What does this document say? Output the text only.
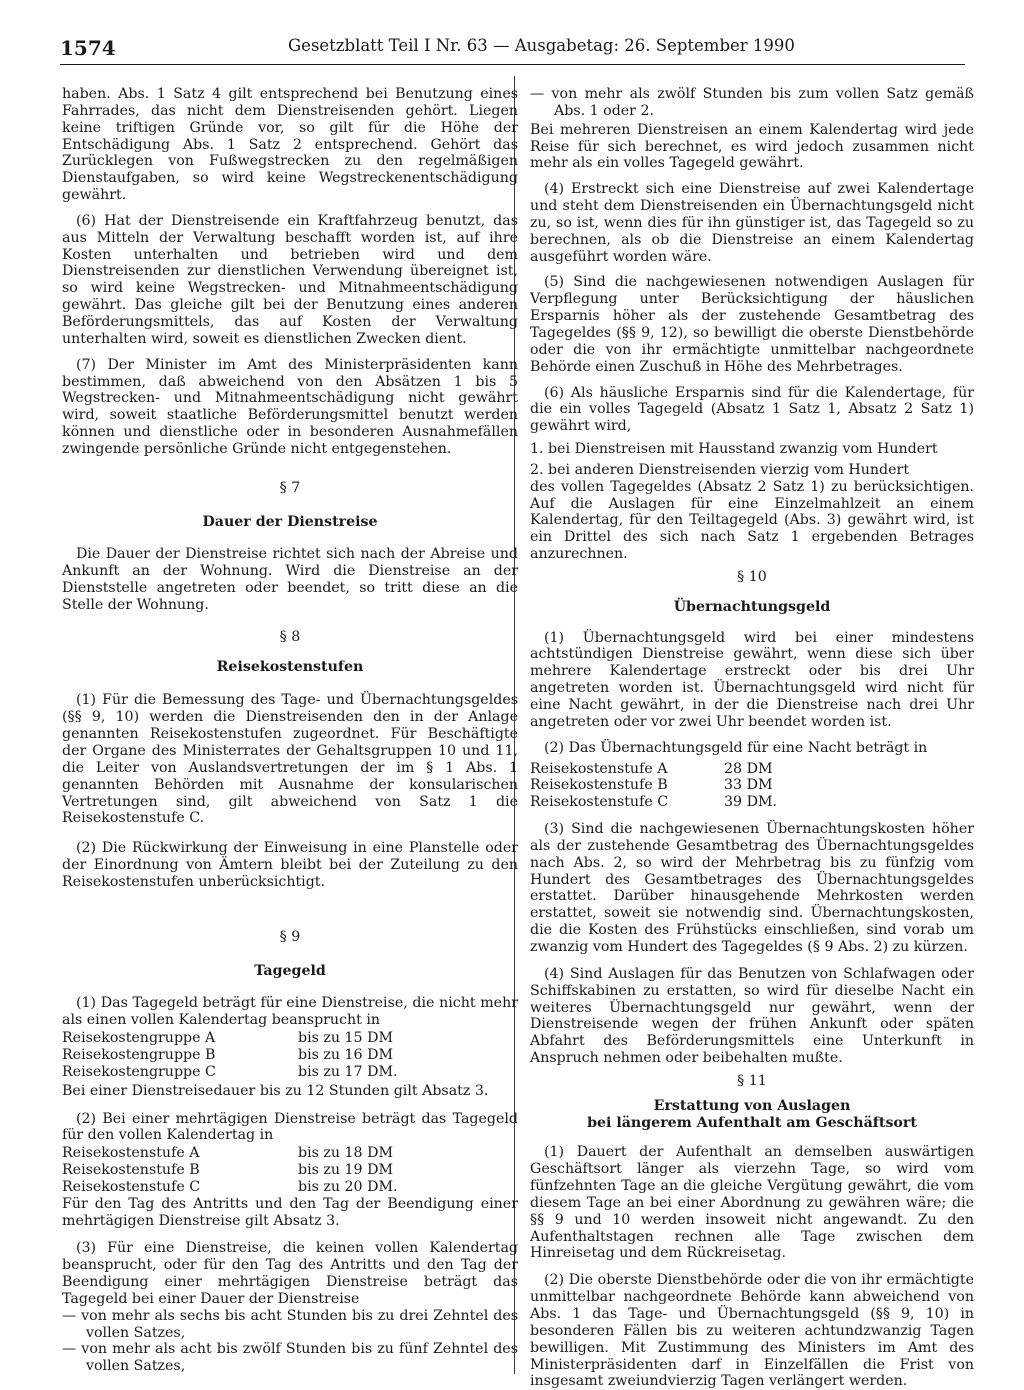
1574	Gesetzblatt Teil I Nr. 63 — Ausgabetag: 26. September 1990

haben. Abs. 1 Satz 4 gilt entsprechend bei Benutzung eines Fahrrades, das nicht dem Dienstreisenden gehört. Liegen keine triftigen Gründe vor, so gilt für die Höhe der Entschädigung Abs. 1 Satz 2 entsprechend. Gehört das Zurücklegen von Fußwegstrecken zu den regelmäßigen Dienstaufgaben, so wird keine Wegstreckenentschädigung gewährt.

(6) Hat der Dienstreisende ein Kraftfahrzeug benutzt, das aus Mitteln der Verwaltung beschafft worden ist, auf ihre Kosten unterhalten und betrieben wird und dem Dienstreisenden zur dienstlichen Verwendung übereignet ist, so wird keine Wegstrecken- und Mitnahmeentschädigung gewährt. Das gleiche gilt bei der Benutzung eines anderen Beförderungsmittels, das auf Kosten der Verwaltung unterhalten wird, soweit es dienstlichen Zwecken dient.

(7) Der Minister im Amt des Ministerpräsidenten kann bestimmen, daß abweichend von den Absätzen 1 bis 5 Wegstrecken- und Mitnahmeentschädigung nicht gewährt wird, soweit staatliche Beförderungsmittel benutzt werden können und dienstliche oder in besonderen Ausnahmefällen zwingende persönliche Gründe nicht entgegenstehen.

§ 7

Dauer der Dienstreise

Die Dauer der Dienstreise richtet sich nach der Abreise und Ankunft an der Wohnung. Wird die Dienstreise an der Dienststelle angetreten oder beendet, so tritt diese an die Stelle der Wohnung.

§ 8

Reisekostenstufen

(1) Für die Bemessung des Tage- und Übernachtungsgeldes (§§ 9, 10) werden die Dienstreisenden den in der Anlage genannten Reisekostenstufen zugeordnet. Für Beschäftigte der Organe des Ministerrates der Gehaltsgruppen 10 und 11, die Leiter von Auslandsvertretungen der im § 1 Abs. 1 genannten Behörden mit Ausnahme der konsularischen Vertretungen sind, gilt abweichend von Satz 1 die Reisekostenstufe C.

(2) Die Rückwirkung der Einweisung in eine Planstelle oder der Einordnung von Ämtern bleibt bei der Zuteilung zu den Reisekostenstufen unberücksichtigt.

§ 9

Tagegeld

(1) Das Tagegeld beträgt für eine Dienstreise, die nicht mehr als einen vollen Kalendertag beansprucht in

Reisekostengruppe A	bis zu 15 DM
Reisekostengruppe B	bis zu 16 DM
Reisekostengruppe C	bis zu 17 DM.

Bei einer Dienstreisedauer bis zu 12 Stunden gilt Absatz 3.

(2) Bei einer mehrtägigen Dienstreise beträgt das Tagegeld für den vollen Kalendertag in

Reisekostenstufe A	bis zu 18 DM
Reisekostenstufe B	bis zu 19 DM
Reisekostenstufe C	bis zu 20 DM.

Für den Tag des Antritts und den Tag der Beendigung einer mehrtägigen Dienstreise gilt Absatz 3.

(3) Für eine Dienstreise, die keinen vollen Kalendertag beansprucht, oder für den Tag des Antritts und den Tag der Beendigung einer mehrtägigen Dienstreise beträgt das Tagegeld bei einer Dauer der Dienstreise

— von mehr als sechs bis acht Stunden bis zu drei Zehntel des vollen Satzes,

— von mehr als acht bis zwölf Stunden bis zu fünf Zehntel des vollen Satzes,

— von mehr als zwölf Stunden bis zum vollen Satz gemäß Abs. 1 oder 2.

Bei mehreren Dienstreisen an einem Kalendertag wird jede Reise für sich berechnet, es wird jedoch zusammen nicht mehr als ein volles Tagegeld gewährt.

(4) Erstreckt sich eine Dienstreise auf zwei Kalendertage und steht dem Dienstreisenden ein Übernachtungsgeld nicht zu, so ist, wenn dies für ihn günstiger ist, das Tagegeld so zu berechnen, als ob die Dienstreise an einem Kalendertag ausgeführt worden wäre.

(5) Sind die nachgewiesenen notwendigen Auslagen für Verpflegung unter Berücksichtigung der häuslichen Ersparnis höher als der zustehende Gesamtbetrag des Tagegeldes (§§ 9, 12), so bewilligt die oberste Dienstbehörde oder die von ihr ermächtigte unmittelbar nachgeordnete Behörde einen Zuschuß in Höhe des Mehrbetrages.

(6) Als häusliche Ersparnis sind für die Kalendertage, für die ein volles Tagegeld (Absatz 1 Satz 1, Absatz 2 Satz 1) gewährt wird,

1. bei Dienstreisen mit Hausstand zwanzig vom Hundert

2. bei anderen Dienstreisenden vierzig vom Hundert

des vollen Tagegeldes (Absatz 2 Satz 1) zu berücksichtigen. Auf die Auslagen für eine Einzelmahlzeit an einem Kalendertag, für den Teiltagegeld (Abs. 3) gewährt wird, ist ein Drittel des sich nach Satz 1 ergebenden Betrages anzurechnen.

§ 10

Übernachtungsgeld

(1) Übernachtungsgeld wird bei einer mindestens achtstündigen Dienstreise gewährt, wenn diese sich über mehrere Kalendertage erstreckt oder bis drei Uhr angetreten worden ist. Übernachtungsgeld wird nicht für eine Nacht gewährt, in der die Dienstreise nach drei Uhr angetreten oder vor zwei Uhr beendet worden ist.

(2) Das Übernachtungsgeld für eine Nacht beträgt in

Reisekostenstufe A	28 DM
Reisekostenstufe B	33 DM
Reisekostenstufe C	39 DM.

(3) Sind die nachgewiesenen Übernachtungskosten höher als der zustehende Gesamtbetrag des Übernachtungsgeldes nach Abs. 2, so wird der Mehrbetrag bis zu fünfzig vom Hundert des Gesamtbetrages des Übernachtungsgeldes erstattet. Darüber hinausgehende Mehrkosten werden erstattet, soweit sie notwendig sind. Übernachtungskosten, die die Kosten des Frühstücks einschließen, sind vorab um zwanzig vom Hundert des Tagegeldes (§ 9 Abs. 2) zu kürzen.

(4) Sind Auslagen für das Benutzen von Schlafwagen oder Schiffskabinen zu erstatten, so wird für dieselbe Nacht ein weiteres Übernachtungsgeld nur gewährt, wenn der Dienstreisende wegen der frühen Ankunft oder späten Abfahrt des Beförderungsmittels eine Unterkunft in Anspruch nehmen oder beibehalten mußte.

§ 11

Erstattung von Auslagen

bei längerem Aufenthalt am Geschäftsort

(1) Dauert der Aufenthalt an demselben auswärtigen Geschäftsort länger als vierzehn Tage, so wird vom fünfzehnten Tage an die gleiche Vergütung gewährt, die vom diesem Tage an bei einer Abordnung zu gewähren wäre; die §§ 9 und 10 werden insoweit nicht angewandt. Zu den Aufenthaltstagen rechnen alle Tage zwischen dem Hinreisetag und dem Rückreisetag.

(2) Die oberste Dienstbehörde oder die von ihr ermächtigte unmittelbar nachgeordnete Behörde kann abweichend von Abs. 1 das Tage- und Übernachtungsgeld (§§ 9, 10) in besonderen Fällen bis zu weiteren achtundzwanzig Tagen bewilligen. Mit Zustimmung des Ministers im Amt des Ministerpräsidenten darf in Einzelfällen die Frist von insgesamt zweiundvierzig Tagen verlängert werden.
